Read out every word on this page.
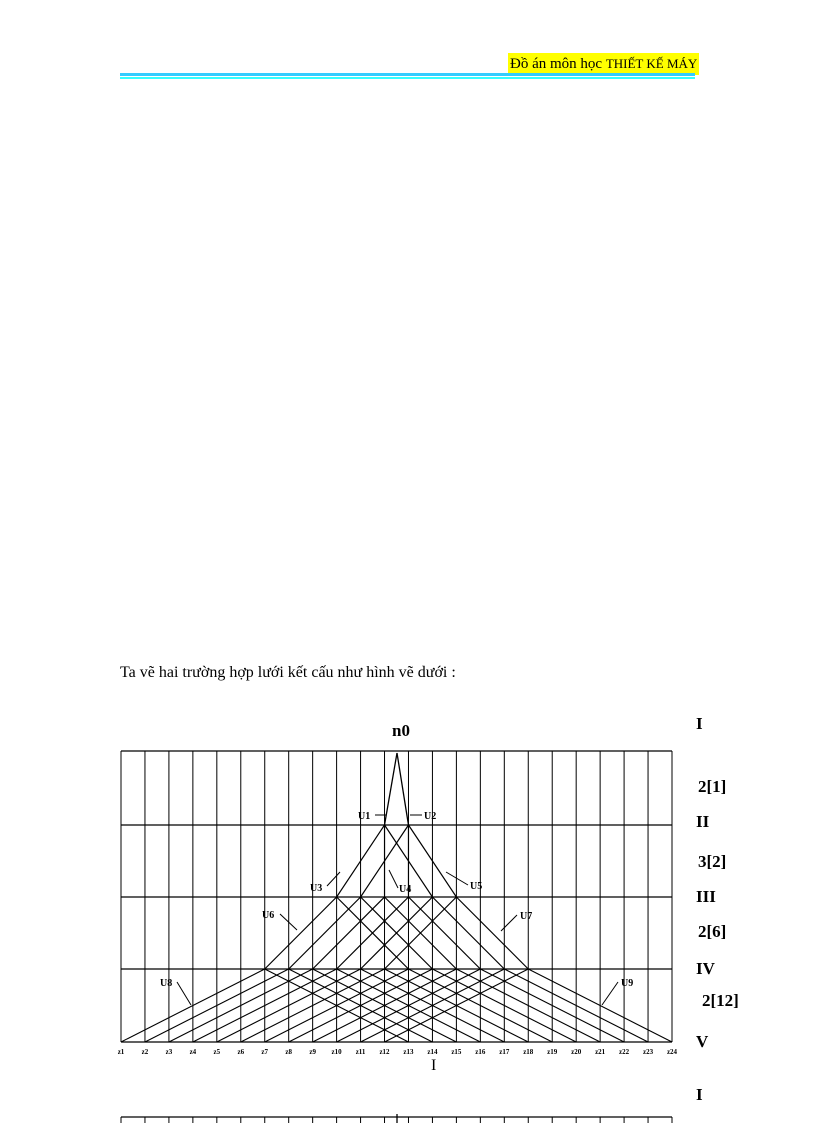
Đồ án môn học THIẾT KẾ MÁY
Ta vẽ hai trường hợp lưới kết cấu như hình vẽ dưới :
n0	I
II
III
IV
V
2[1]
3[2]
2[6]
2[12]
I
I
U1	U2
U3	U4	U5
U6	U7
U8	U9
z1 z2 z3 z4 z5 z6 z7 z8 z9 z10 z11 z12 z13 z14 z15 z16 z17 z18 z19 z20 z21 z22 z23 z24
